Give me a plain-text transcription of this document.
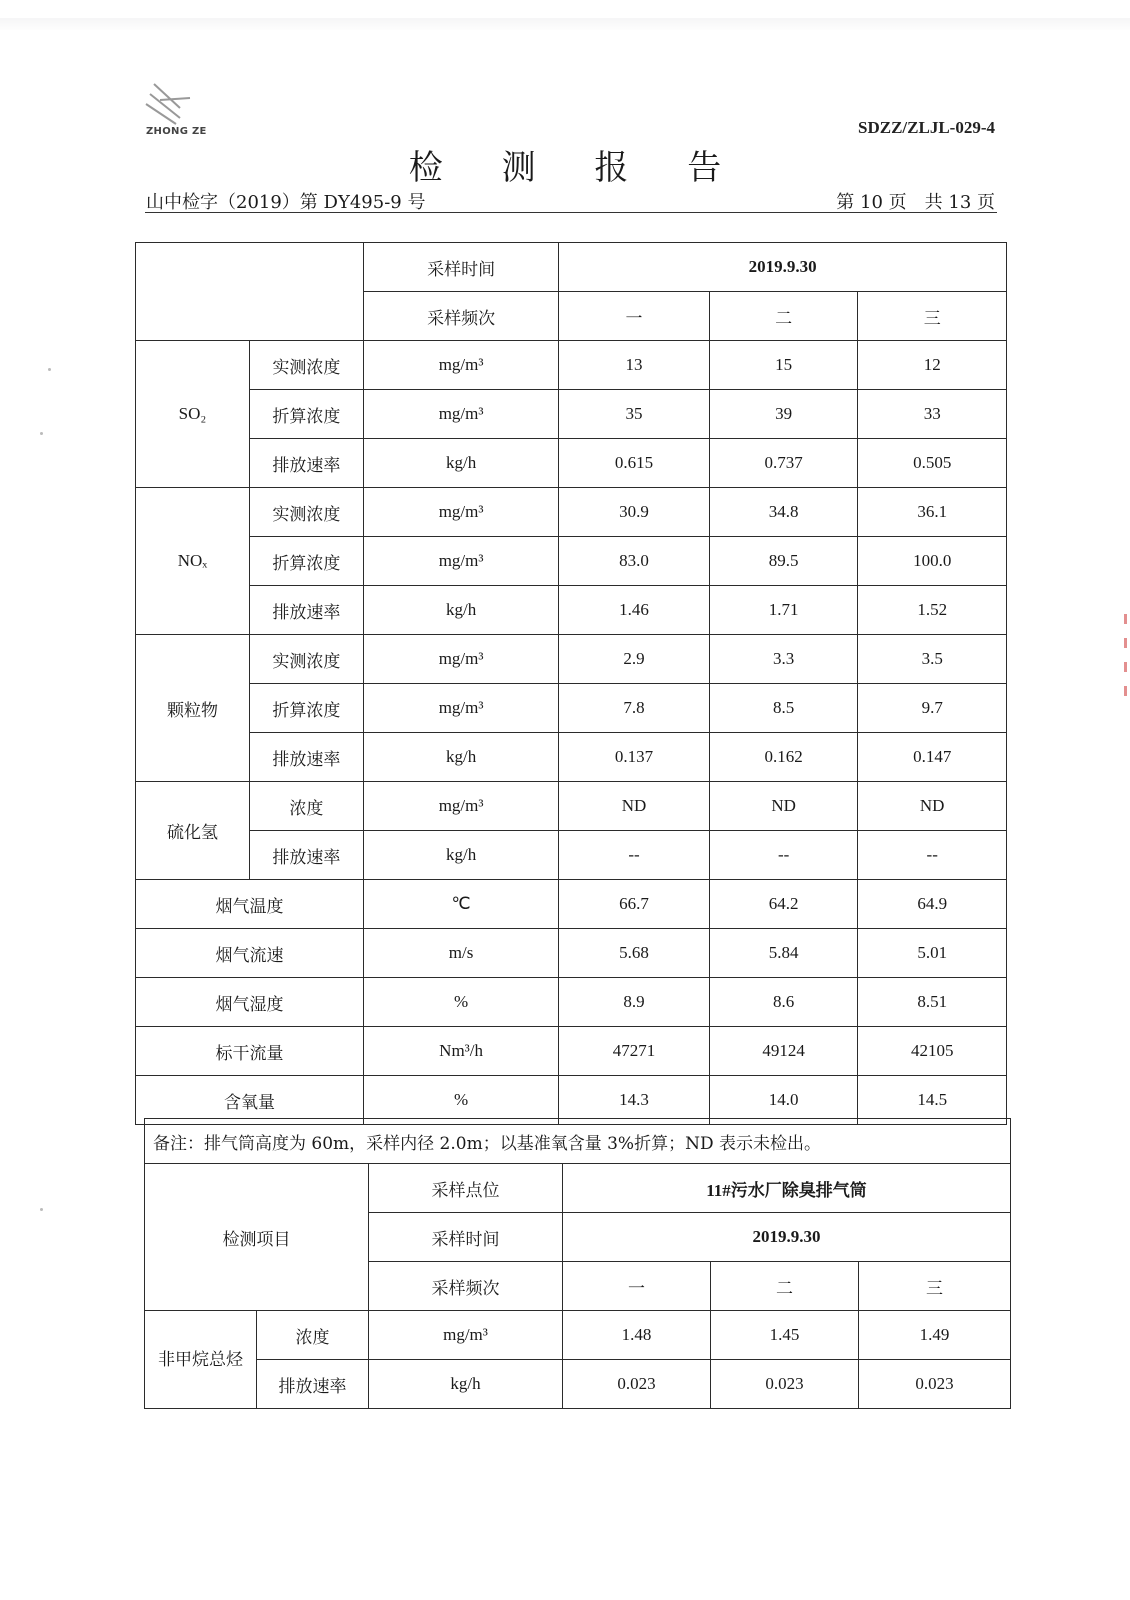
ZHONG ZE	SDZZ/ZLJL-029-4
检 测 报 告
山中检字（2019）第 DY495-9 号	第 10 页　共 13 页
		采样时间	2019.9.30		
		采样频次	一	二	三
SO₂	实测浓度	mg/m³	13	15	12
	折算浓度	mg/m³	35	39	33
	排放速率	kg/h	0.615	0.737	0.505
NOₓ	实测浓度	mg/m³	30.9	34.8	36.1
	折算浓度	mg/m³	83.0	89.5	100.0
	排放速率	kg/h	1.46	1.71	1.52
颗粒物	实测浓度	mg/m³	2.9	3.3	3.5
	折算浓度	mg/m³	7.8	8.5	9.7
	排放速率	kg/h	0.137	0.162	0.147
硫化氢	浓度	mg/m³	ND	ND	ND
	排放速率	kg/h	--	--	--
烟气温度		℃	66.7	64.2	64.9
烟气流速		m/s	5.68	5.84	5.01
烟气湿度		%	8.9	8.6	8.51
标干流量		Nm³/h	47271	49124	42105
含氧量		%	14.3	14.0	14.5
备注：排气筒高度为 60m，采样内径 2.0m；以基准氧含量 3%折算；ND 表示未检出。					
检测项目		采样点位	11#污水厂除臭排气筒		
		采样时间	2019.9.30		
		采样频次	一	二	三
非甲烷总烃	浓度	mg/m³	1.48	1.45	1.49
	排放速率	kg/h	0.023	0.023	0.023
